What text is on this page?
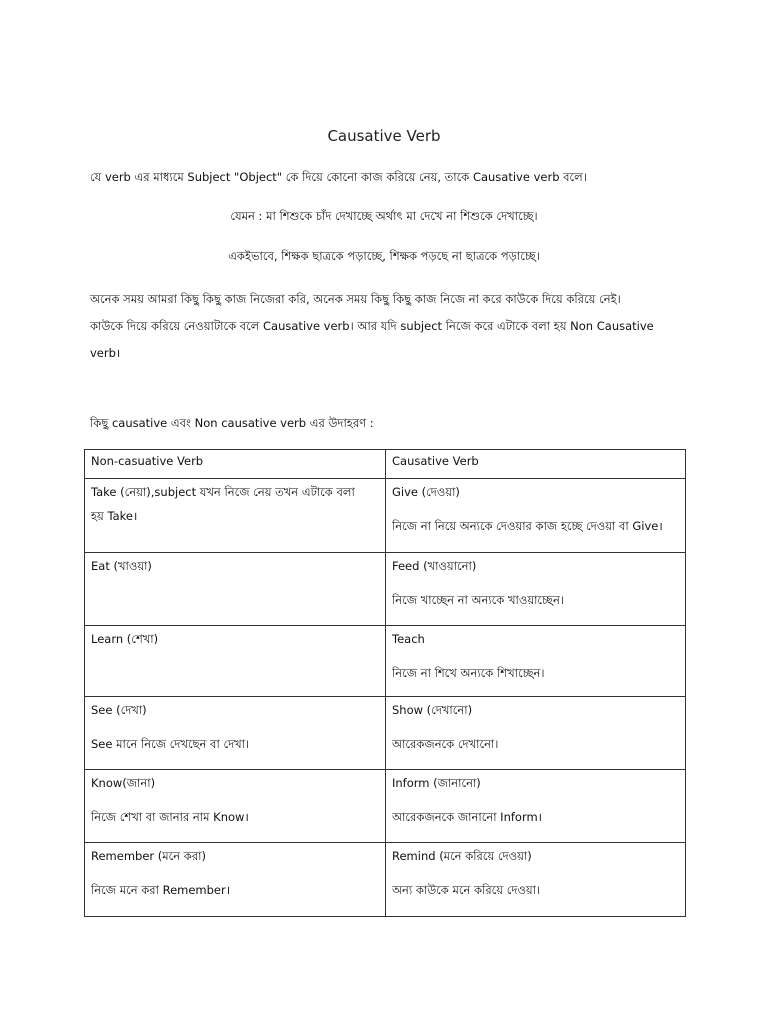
Causative Verb
যে verb এর মাধ্যমে Subject "Object" কে দিয়ে কোনো কাজ করিয়ে নেয়, তাকে Causative verb বলে।
যেমন : মা শিশুকে চাঁদ দেখাচ্ছে অর্থাৎ মা দেখে না শিশুকে দেখাচ্ছে।
একইভাবে, শিক্ষক ছাত্রকে পড়াচ্ছে, শিক্ষক পড়ছে না ছাত্রকে পড়াচ্ছে।
অনেক সময় আমরা কিছু কিছু কাজ নিজেরা করি, অনেক সময় কিছু কিছু কাজ নিজে না করে কাউকে দিয়ে করিয়ে নেই।
কাউকে দিয়ে করিয়ে নেওয়াটাকে বলে Causative verb। আর যদি subject নিজে করে এটাকে বলা হয় Non Causative
verb।
কিছু causative এবং Non causative verb এর উদাহরণ :
Non-casuative Verb	Causative Verb
Take (নেয়া),subject যখন নিজে নেয় তখন এটাকে বলা

হয় Take।	Give (দেওয়া)
নিজে না নিয়ে অন্যকে দেওয়ার কাজ হচ্ছে দেওয়া বা Give।

Eat (খাওয়া)	Feed (খাওয়ানো)
নিজে খাচ্ছেন না অন্যকে খাওয়াচ্ছেন।

Learn (শেখা)	Teach
নিজে না শিখে অন্যকে শিখাচ্ছেন।

See (দেখা)
See মানে নিজে দেখছেন বা দেখা।	Show (দেখানো)
আরেকজনকে দেখানো।

Know(জানা)
নিজে শেখা বা জানার নাম Know।	Inform (জানানো)
আরেকজনকে জানানো Inform।

Remember (মনে করা)
নিজে মনে করা Remember।	Remind (মনে করিয়ে দেওয়া)
অন্য কাউকে মনে করিয়ে দেওয়া।
